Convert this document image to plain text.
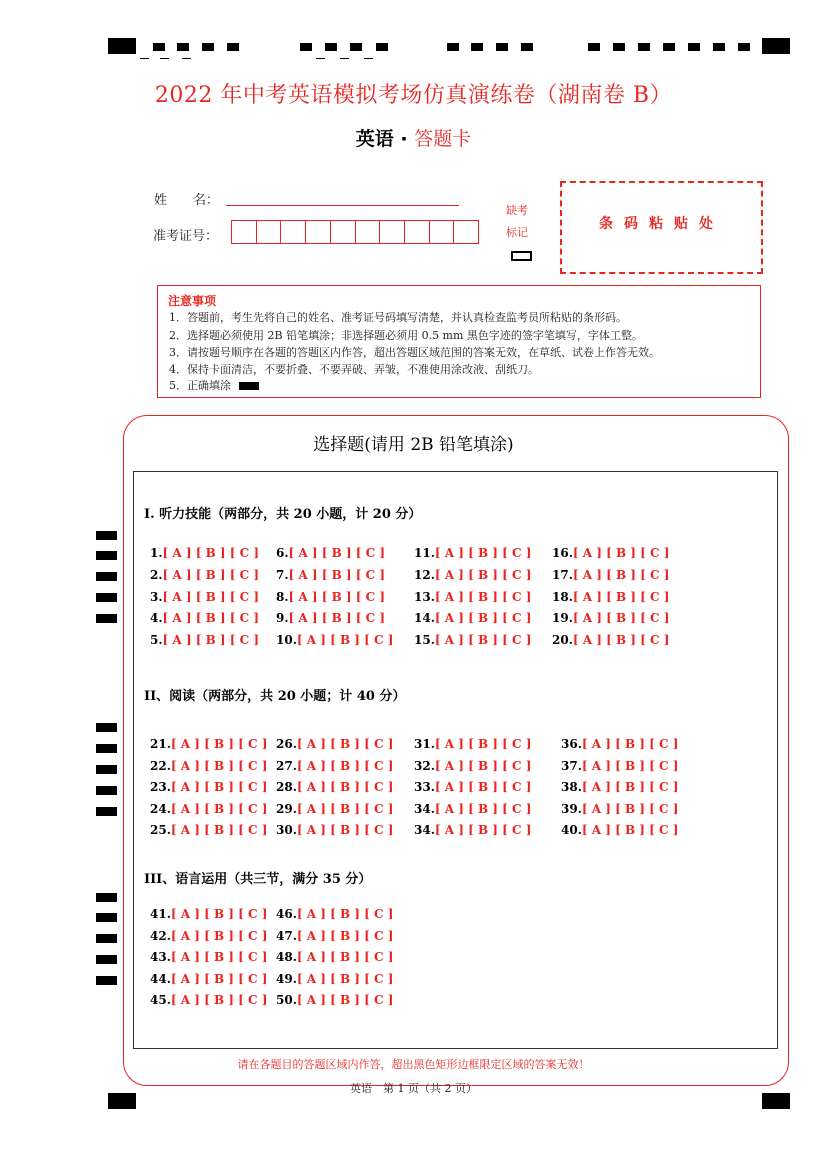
2022 年中考英语模拟考场仿真演练卷（湖南卷 B）
英语 · 答题卡
姓　　名：
准考证号：
缺考
标记
条码粘贴处
注意事项
1．答题前，考生先将自己的姓名、准考证号码填写清楚，并认真检查监考员所粘贴的条形码。
2．选择题必须使用 2B 铅笔填涂；非选择题必须用 0.5 mm 黑色字迹的签字笔填写，字体工整。
3．请按题号顺序在各题的答题区内作答，超出答题区域范围的答案无效，在草纸、试卷上作答无效。
4．保持卡面清洁，不要折叠、不要弄破、弄皱，不准使用涂改液、刮纸刀。
5．正确填涂
选择题(请用 2B 铅笔填涂)
I. 听力技能（两部分，共 20 小题，计 20 分）
1.[ A ] [ B ] [ C ]
2.[ A ] [ B ] [ C ]
3.[ A ] [ B ] [ C ]
4.[ A ] [ B ] [ C ]
5.[ A ] [ B ] [ C ]
6.[ A ] [ B ] [ C ]
7.[ A ] [ B ] [ C ]
8.[ A ] [ B ] [ C ]
9.[ A ] [ B ] [ C ]
10.[ A ] [ B ] [ C ]
11.[ A ] [ B ] [ C ]
12.[ A ] [ B ] [ C ]
13.[ A ] [ B ] [ C ]
14.[ A ] [ B ] [ C ]
15.[ A ] [ B ] [ C ]
16.[ A ] [ B ] [ C ]
17.[ A ] [ B ] [ C ]
18.[ A ] [ B ] [ C ]
19.[ A ] [ B ] [ C ]
20.[ A ] [ B ] [ C ]
II、阅读（两部分，共 20 小题；计 40 分）
21.[ A ] [ B ] [ C ]
22.[ A ] [ B ] [ C ]
23.[ A ] [ B ] [ C ]
24.[ A ] [ B ] [ C ]
25.[ A ] [ B ] [ C ]
26.[ A ] [ B ] [ C ]
27.[ A ] [ B ] [ C ]
28.[ A ] [ B ] [ C ]
29.[ A ] [ B ] [ C ]
30.[ A ] [ B ] [ C ]
31.[ A ] [ B ] [ C ]
32.[ A ] [ B ] [ C ]
33.[ A ] [ B ] [ C ]
34.[ A ] [ B ] [ C ]
34.[ A ] [ B ] [ C ]
36.[ A ] [ B ] [ C ]
37.[ A ] [ B ] [ C ]
38.[ A ] [ B ] [ C ]
39.[ A ] [ B ] [ C ]
40.[ A ] [ B ] [ C ]
III、语言运用（共三节，满分 35 分）
41.[ A ] [ B ] [ C ]
42.[ A ] [ B ] [ C ]
43.[ A ] [ B ] [ C ]
44.[ A ] [ B ] [ C ]
45.[ A ] [ B ] [ C ]
46.[ A ] [ B ] [ C ]
47.[ A ] [ B ] [ C ]
48.[ A ] [ B ] [ C ]
49.[ A ] [ B ] [ C ]
50.[ A ] [ B ] [ C ]
请在各题目的答题区域内作答，超出黑色矩形边框限定区域的答案无效！
英语　第 1 页（共 2 页）
